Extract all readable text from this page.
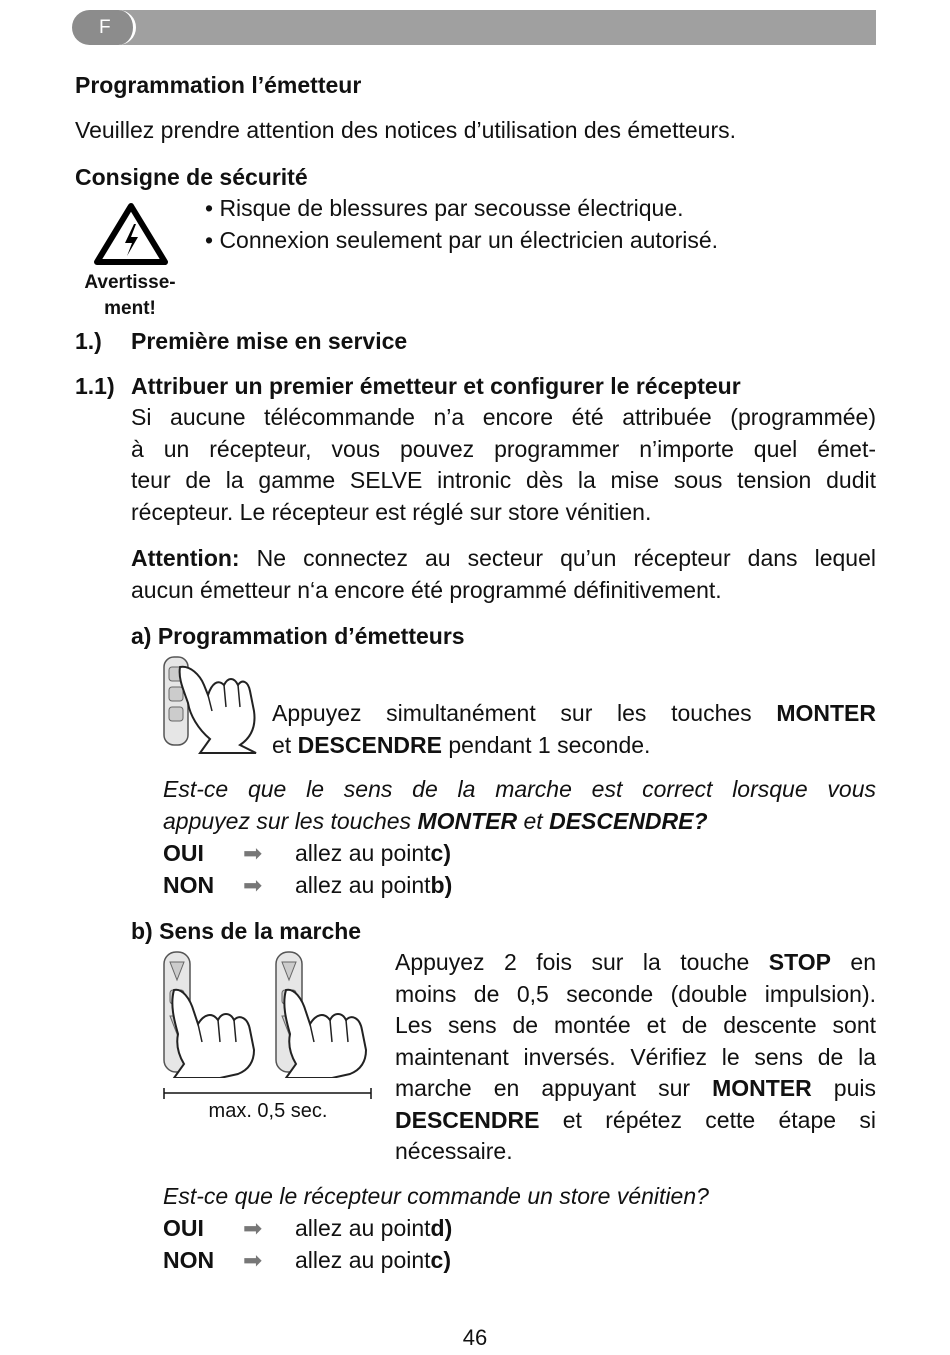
F
Programmation l’émetteur
Veuillez prendre attention des notices d’utilisation des émetteurs.
Consigne de sécurité
Avertisse-
ment!
• Risque de blessures par secousse électrique.
• Connexion seulement par un électricien autorisé.
1.) Première mise en service
1.1) Attribuer un premier émetteur et configurer le récepteur
Si aucune télécommande n’a encore été attribuée (programmée)
à un récepteur, vous pouvez programmer n’importe quel émet-
teur de la gamme SELVE intronic dès la mise sous tension dudit
récepteur. Le récepteur est réglé sur store vénitien.
Attention: Ne connectez au secteur qu’un récepteur dans lequel
aucun émetteur n‘a encore été programmé définitivement.
a) Programmation d’émetteurs
Appuyez simultanément sur les touches MONTER
et DESCENDRE pendant 1 seconde.
Est-ce que le sens de la marche est correct lorsque vous
appuyez sur les touches MONTER et DESCENDRE?
OUI ➡ allez au pointc)
NON ➡ allez au pointb)
b) Sens de la marche
max. 0,5 sec.
Appuyez 2 fois sur la touche STOP en
moins de 0,5 seconde (double impulsion).
Les sens de montée et de descente sont
maintenant inversés. Vérifiez le sens de la
marche en appuyant sur MONTER puis
DESCENDRE et répétez cette étape si
nécessaire.
Est-ce que le récepteur commande un store vénitien?
OUI ➡ allez au pointd)
NON ➡ allez au pointc)
46
